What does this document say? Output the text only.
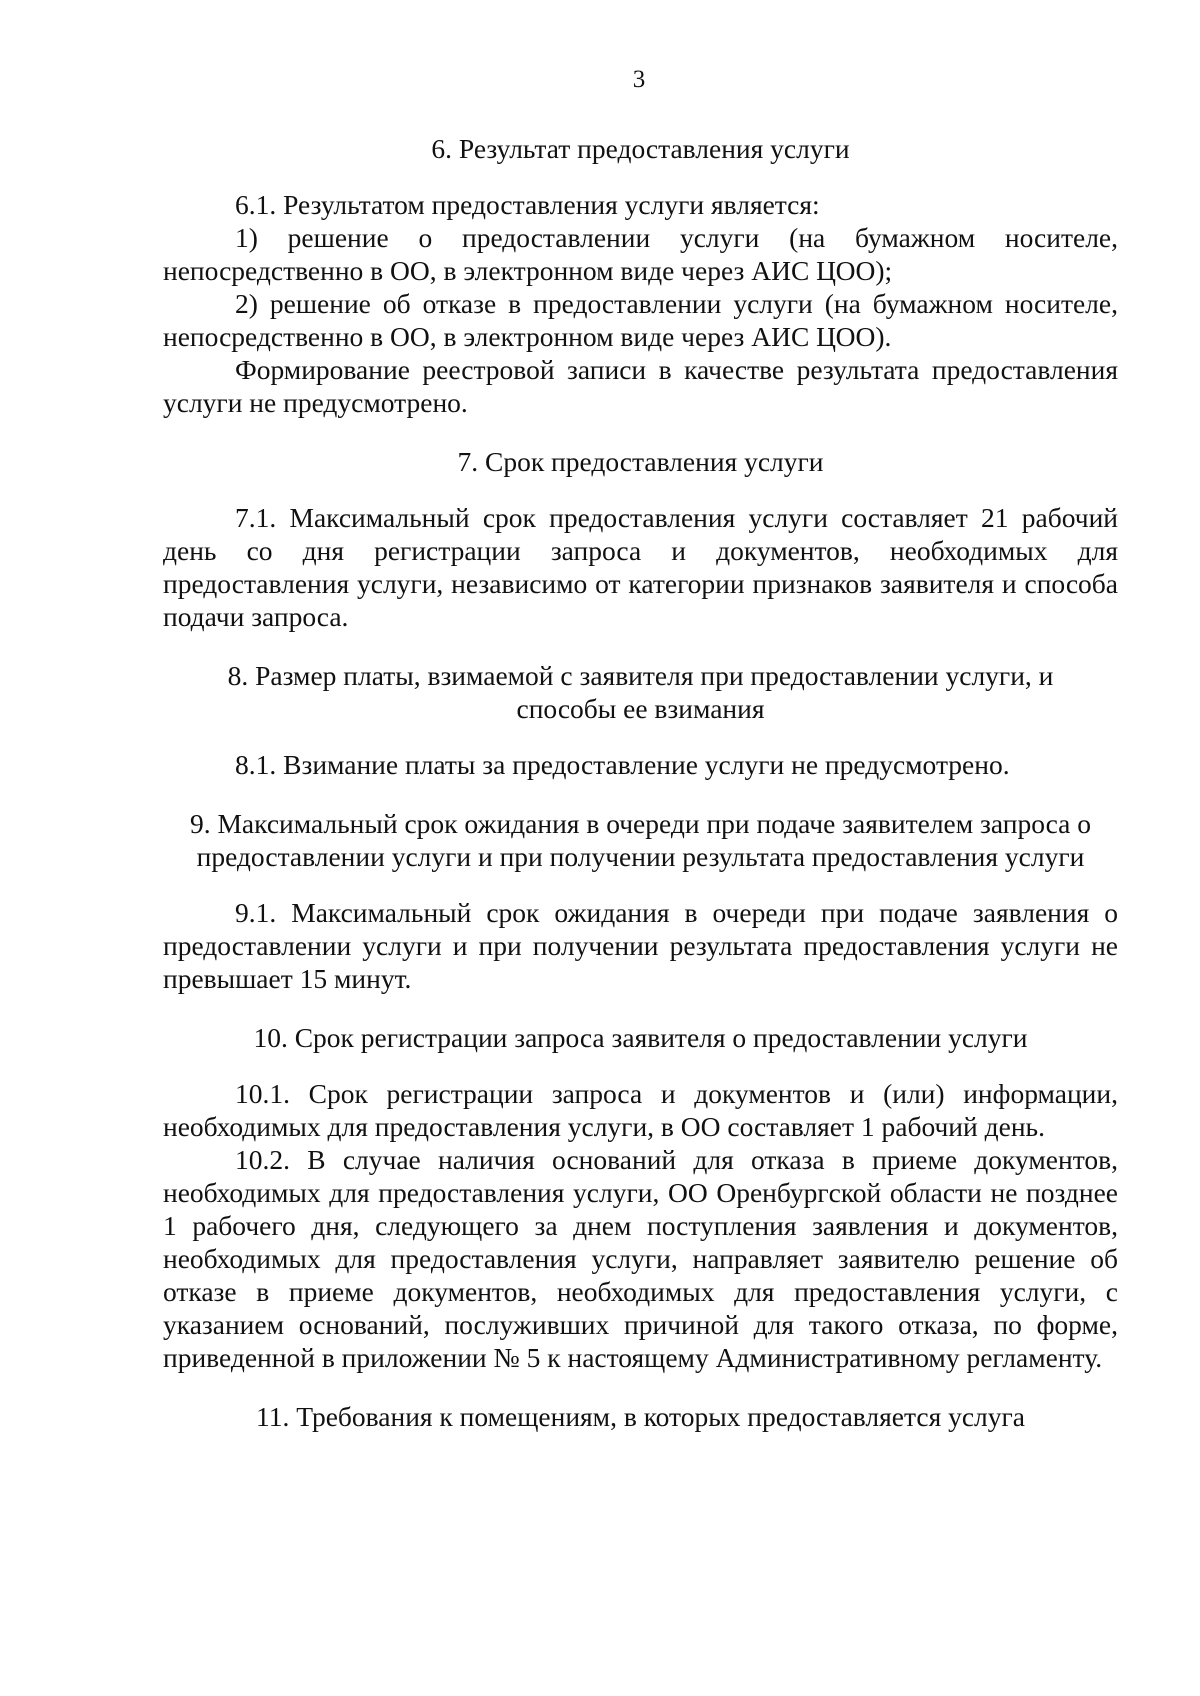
3

6. Результат предоставления услуги

6.1. Результатом предоставления услуги является:

1) решение о предоставлении услуги (на бумажном носителе, непосредственно в ОО, в электронном виде через АИС ЦОО);

2) решение об отказе в предоставлении услуги (на бумажном носителе, непосредственно в ОО, в электронном виде через АИС ЦОО).

Формирование реестровой записи в качестве результата предоставления услуги не предусмотрено.

7. Срок предоставления услуги

7.1. Максимальный срок предоставления услуги составляет 21 рабочий день со дня регистрации запроса и документов, необходимых для предоставления услуги, независимо от категории признаков заявителя и способа подачи запроса.

8. Размер платы, взимаемой с заявителя при предоставлении услуги, и

способы ее взимания

8.1. Взимание платы за предоставление услуги не предусмотрено.

9. Максимальный срок ожидания в очереди при подаче заявителем запроса о

предоставлении услуги и при получении результата предоставления услуги

9.1. Максимальный срок ожидания в очереди при подаче заявления о предоставлении услуги и при получении результата предоставления услуги не превышает 15 минут.

10. Срок регистрации запроса заявителя о предоставлении услуги

10.1. Срок регистрации запроса и документов и (или) информации, необходимых для предоставления услуги, в ОО составляет 1 рабочий день.

10.2. В случае наличия оснований для отказа в приеме документов, необходимых для предоставления услуги, ОО Оренбургской области не позднее 1 рабочего дня, следующего за днем поступления заявления и документов, необходимых для предоставления услуги, направляет заявителю решение об отказе в приеме документов, необходимых для предоставления услуги, с указанием оснований, послуживших причиной для такого отказа, по форме, приведенной в приложении № 5 к настоящему Административному регламенту.

11. Требования к помещениям, в которых предоставляется услуга
